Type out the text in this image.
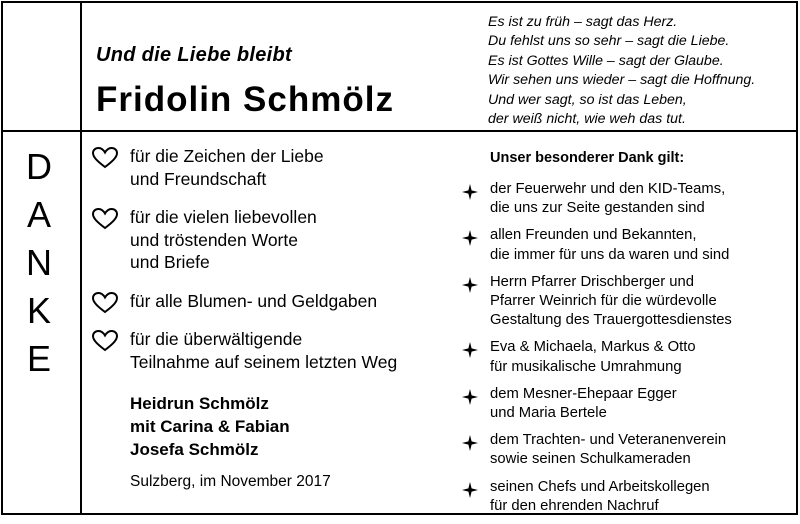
Und die Liebe bleibt
Fridolin Schmölz
Es ist zu früh – sagt das Herz.
Du fehlst uns so sehr – sagt die Liebe.
Es ist Gottes Wille – sagt der Glaube.
Wir sehen uns wieder – sagt die Hoffnung.
Und wer sagt, so ist das Leben,
der weiß nicht, wie weh das tut.
D
A
N
K
E
für die Zeichen der Liebe
und Freundschaft
für die vielen liebevollen
und tröstenden Worte
und Briefe
für alle Blumen- und Geldgaben
für die überwältigende
Teilnahme auf seinem letzten Weg
Heidrun Schmölz
mit Carina & Fabian
Josefa Schmölz
Sulzberg, im November 2017
Unser besonderer Dank gilt:
der Feuerwehr und den KID-Teams,
die uns zur Seite gestanden sind
allen Freunden und Bekannten,
die immer für uns da waren und sind
Herrn Pfarrer Drischberger und
Pfarrer Weinrich für die würdevolle
Gestaltung des Trauergottesdienstes
Eva & Michaela, Markus & Otto
für musikalische Umrahmung
dem Mesner-Ehepaar Egger
und Maria Bertele
dem Trachten- und Veteranenverein
sowie seinen Schulkameraden
seinen Chefs und Arbeitskollegen
für den ehrenden Nachruf
